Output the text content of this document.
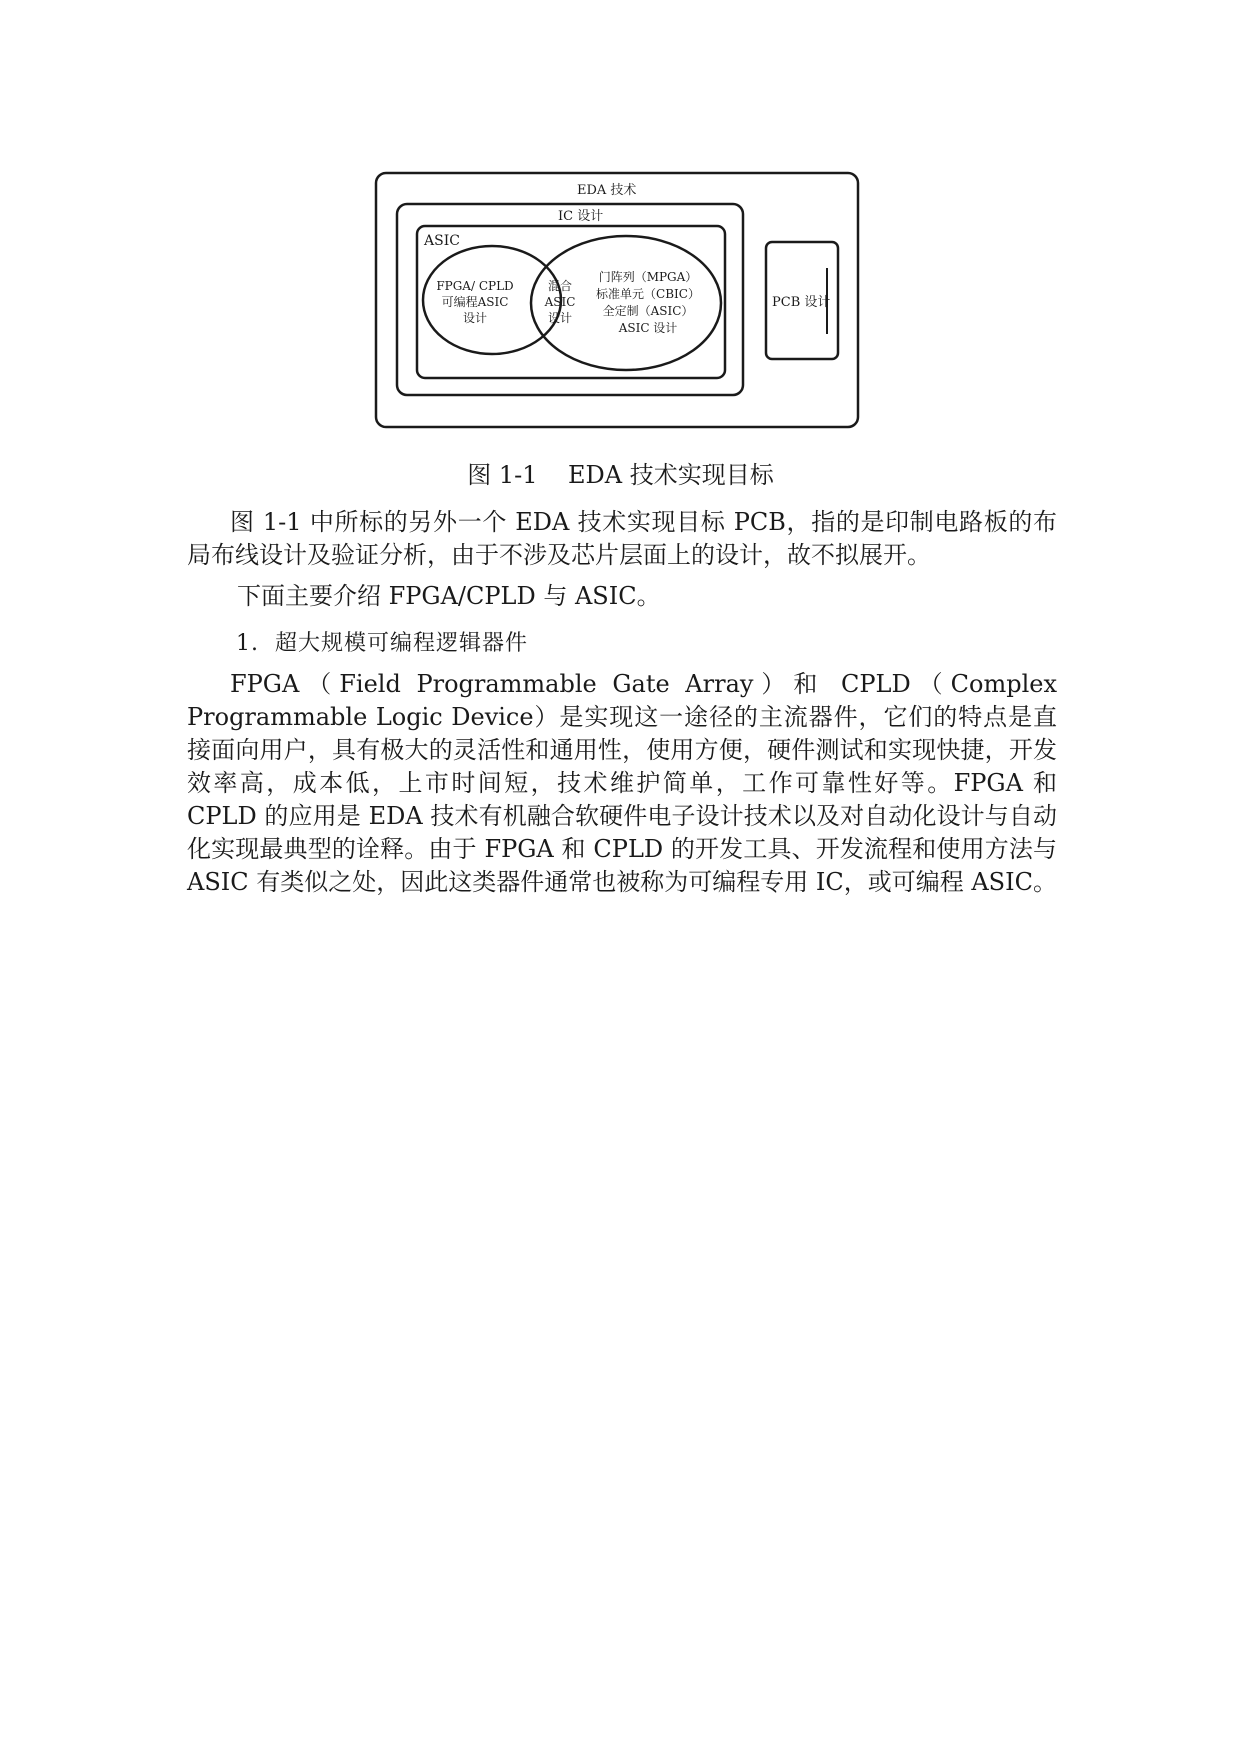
EDA 技术
IC 设计
ASIC
FPGA/ CPLD
可编程ASIC
设计
混合
ASIC
设计
门阵列（MPGA）
标准单元（CBIC）
全定制（ASIC）
ASIC 设计
PCB 设计
图 1-1    EDA 技术实现目标

图 1-1 中所标的另外一个 EDA 技术实现目标 PCB，指的是印制电路板的布局布线设计及验证分析，由于不涉及芯片层面上的设计，故不拟展开。

下面主要介绍 FPGA/CPLD 与 ASIC。

1.  超大规模可编程逻辑器件

FPGA（Field Programmable Gate Array）和 CPLD（Complex Programmable Logic Device）是实现这一途径的主流器件，它们的特点是直接面向用户，具有极大的灵活性和通用性，使用方便，硬件测试和实现快捷，开发效率高，成本低，上市时间短，技术维护简单，工作可靠性好等。FPGA 和 CPLD 的应用是 EDA 技术有机融合软硬件电子设计技术以及对自动化设计与自动化实现最典型的诠释。由于 FPGA 和 CPLD 的开发工具、开发流程和使用方法与 ASIC 有类似之处，因此这类器件通常也被称为可编程专用 IC，或可编程 ASIC。
